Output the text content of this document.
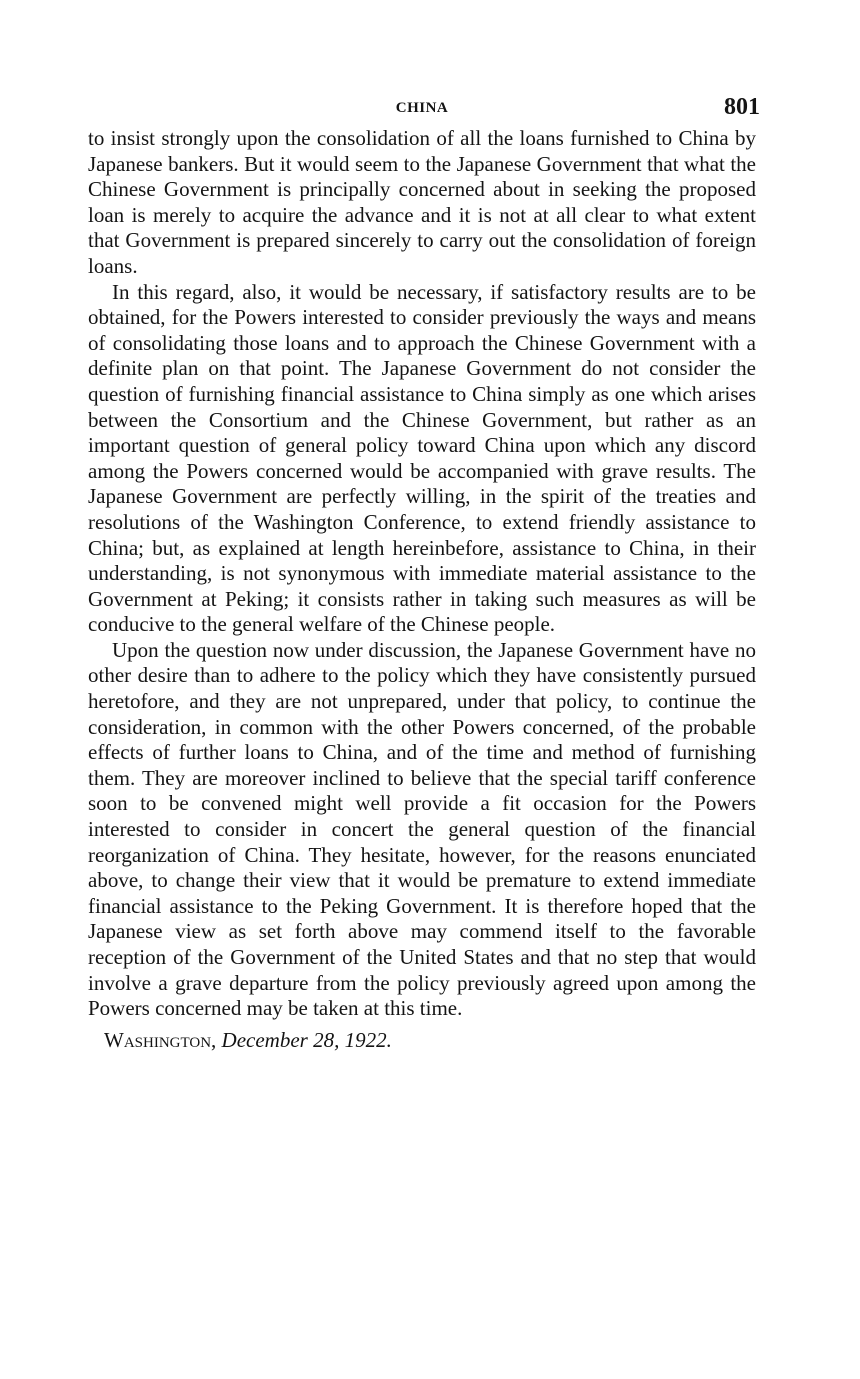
CHINA	801

to insist strongly upon the consolidation of all the loans furnished to China by Japanese bankers. But it would seem to the Japanese Government that what the Chinese Government is principally concerned about in seeking the proposed loan is merely to acquire the advance and it is not at all clear to what extent that Government is prepared sincerely to carry out the consolidation of foreign loans.

In this regard, also, it would be necessary, if satisfactory results are to be obtained, for the Powers interested to consider previously the ways and means of consolidating those loans and to approach the Chinese Government with a definite plan on that point. The Japanese Government do not consider the question of furnishing financial assistance to China simply as one which arises between the Consortium and the Chinese Government, but rather as an important question of general policy toward China upon which any discord among the Powers concerned would be accompanied with grave results. The Japanese Government are perfectly willing, in the spirit of the treaties and resolutions of the Washington Conference, to extend friendly assistance to China; but, as explained at length hereinbefore, assistance to China, in their understanding, is not synonymous with immediate material assistance to the Government at Peking; it consists rather in taking such measures as will be conducive to the general welfare of the Chinese people.

Upon the question now under discussion, the Japanese Government have no other desire than to adhere to the policy which they have consistently pursued heretofore, and they are not unprepared, under that policy, to continue the consideration, in common with the other Powers concerned, of the probable effects of further loans to China, and of the time and method of furnishing them. They are moreover inclined to believe that the special tariff conference soon to be convened might well provide a fit occasion for the Powers interested to consider in concert the general question of the financial reorganization of China. They hesitate, however, for the reasons enunciated above, to change their view that it would be premature to extend immediate financial assistance to the Peking Government. It is therefore hoped that the Japanese view as set forth above may commend itself to the favorable reception of the Government of the United States and that no step that would involve a grave departure from the policy previously agreed upon among the Powers concerned may be taken at this time.

Washington, December 28, 1922.
